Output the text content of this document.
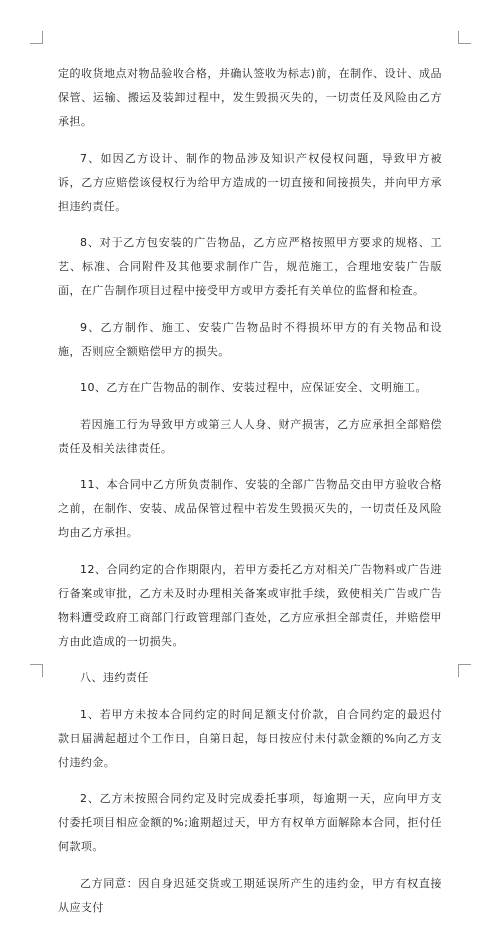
定的收货地点对物品验收合格，并确认签收为标志)前，在制作、设计、成品保管、运输、搬运及装卸过程中，发生毁损灭失的，一切责任及风险由乙方承担。

7、如因乙方设计、制作的物品涉及知识产权侵权问题，导致甲方被诉，乙方应赔偿该侵权行为给甲方造成的一切直接和间接损失，并向甲方承担违约责任。

8、对于乙方包安装的广告物品，乙方应严格按照甲方要求的规格、工艺、标准、合同附件及其他要求制作广告，规范施工，合理地安装广告版面，在广告制作项目过程中接受甲方或甲方委托有关单位的监督和检查。

9、乙方制作、施工、安装广告物品时不得损坏甲方的有关物品和设施，否则应全额赔偿甲方的损失。

10、乙方在广告物品的制作、安装过程中，应保证安全、文明施工。

若因施工行为导致甲方或第三人人身、财产损害，乙方应承担全部赔偿责任及相关法律责任。

11、本合同中乙方所负责制作、安装的全部广告物品交由甲方验收合格之前，在制作、安装、成品保管过程中若发生毁损灭失的，一切责任及风险均由乙方承担。

12、合同约定的合作期限内，若甲方委托乙方对相关广告物料或广告进行备案或审批，乙方未及时办理相关备案或审批手续，致使相关广告或广告物料遭受政府工商部门行政管理部门查处，乙方应承担全部责任，并赔偿甲方由此造成的一切损失。

八、违约责任

1、若甲方未按本合同约定的时间足额支付价款，自合同约定的最迟付款日届满起超过个工作日，自第日起，每日按应付未付款金额的%向乙方支付违约金。

2、乙方未按照合同约定及时完成委托事项，每逾期一天，应向甲方支付委托项目相应金额的%;逾期超过天，甲方有权单方面解除本合同，拒付任何款项。

乙方同意：因自身迟延交货或工期延误所产生的违约金，甲方有权直接从应支付
